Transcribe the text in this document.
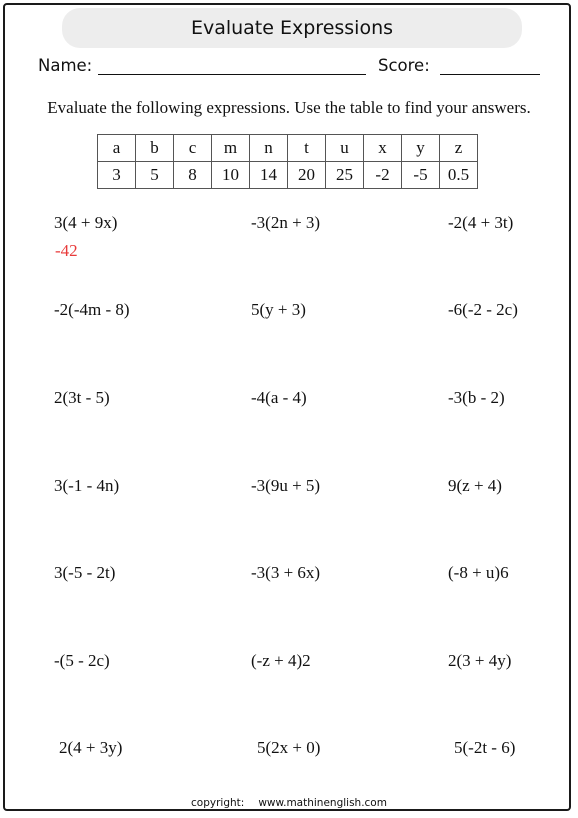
Evaluate Expressions
Name:	Score:
Evaluate the following expressions. Use the table to find your answers.
a	b	c	m	n	t	u	x	y	z
3	5	8	10	14	20	25	-2	-5	0.5
3(4 + 9x)	-3(2n + 3)	-2(4 + 3t)
-42
-2(-4m - 8)	5(y + 3)	-6(-2 - 2c)
2(3t - 5)	-4(a - 4)	-3(b - 2)
3(-1 - 4n)	-3(9u + 5)	9(z + 4)
3(-5 - 2t)	-3(3 + 6x)	(-8 + u)6
-(5 - 2c)	(-z + 4)2	2(3 + 4y)
2(4 + 3y)	5(2x + 0)	5(-2t - 6)
copyright: www.mathinenglish.com
